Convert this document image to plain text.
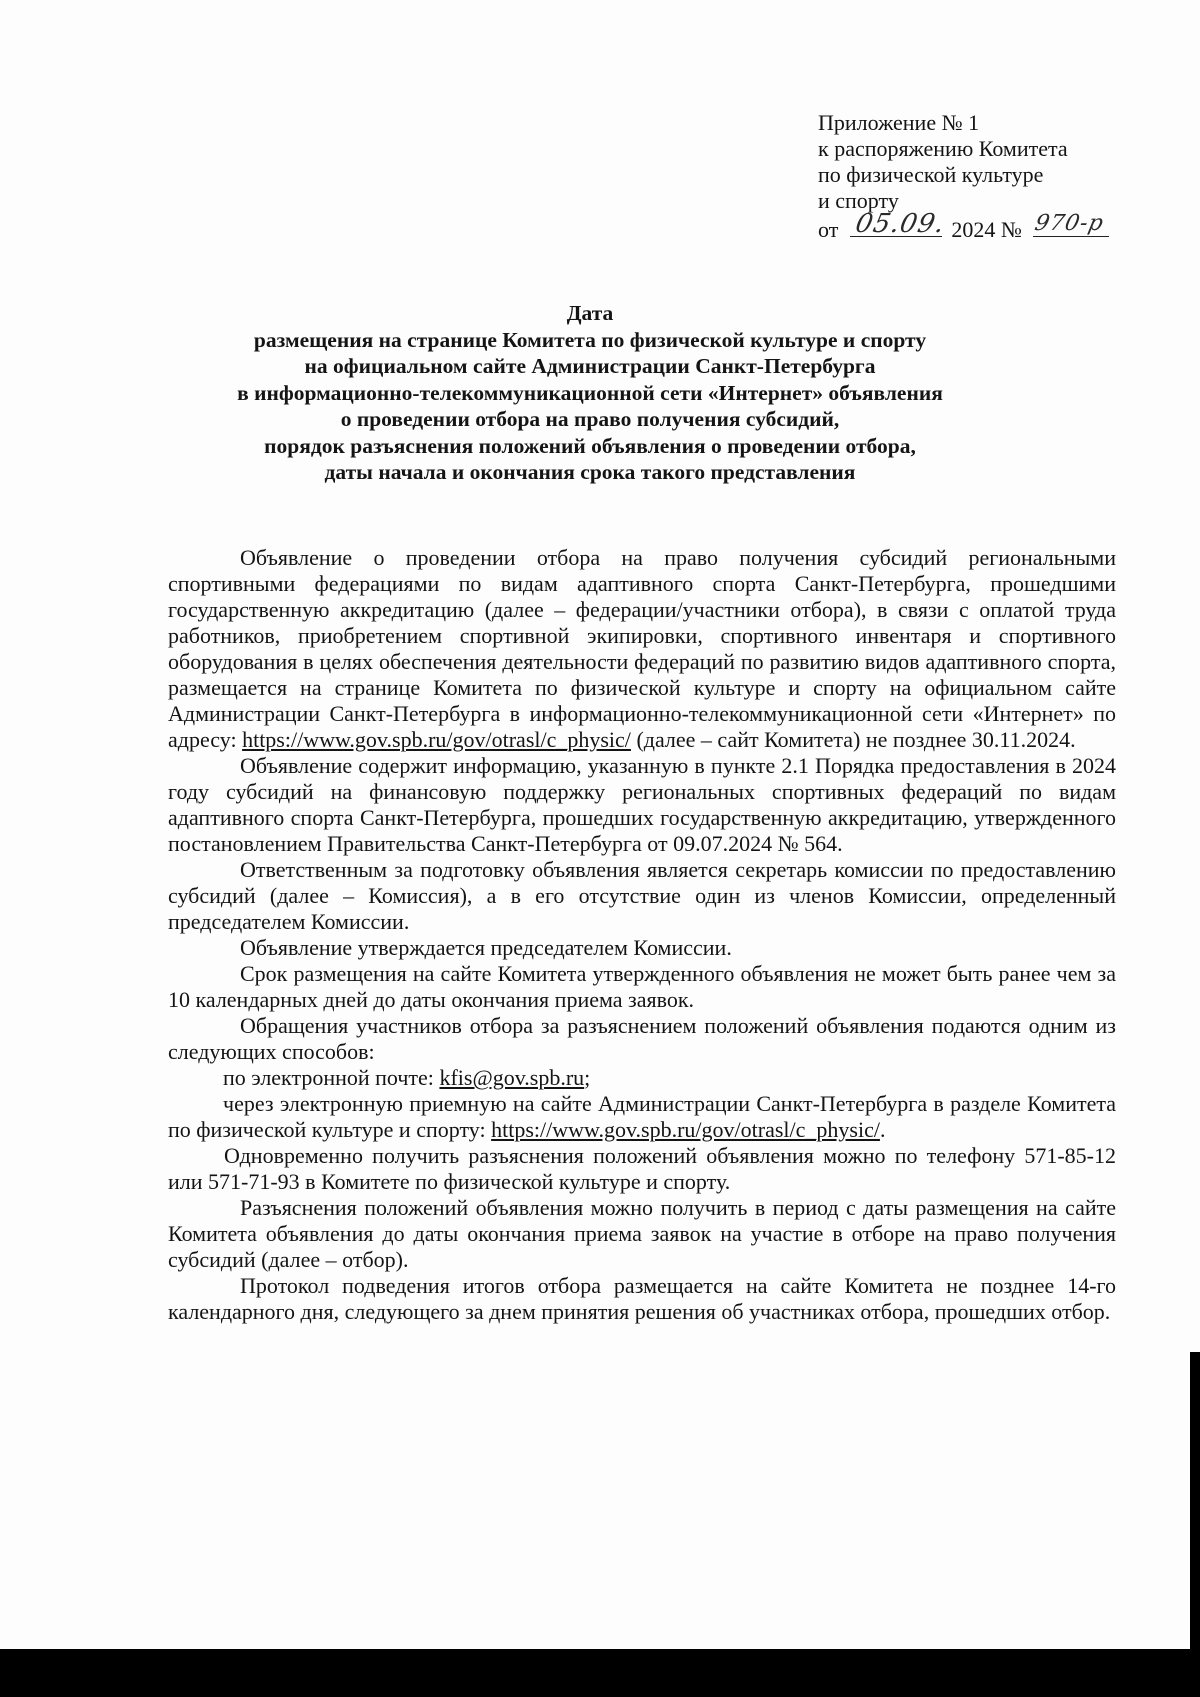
Приложение № 1
к распоряжению Комитета
по физической культуре
и спорту
от 05.09. 2024 № 970-р
Дата
размещения на странице Комитета по физической культуре и спорту
на официальном сайте Администрации Санкт-Петербурга
в информационно-телекоммуникационной сети «Интернет» объявления
о проведении отбора на право получения субсидий,
порядок разъяснения положений объявления о проведении отбора,
даты начала и окончания срока такого представления

Объявление о проведении отбора на право получения субсидий региональными спортивными федерациями по видам адаптивного спорта Санкт-Петербурга, прошедшими государственную аккредитацию (далее – федерации/участники отбора), в связи с оплатой труда работников, приобретением спортивной экипировки, спортивного инвентаря и спортивного оборудования в целях обеспечения деятельности федераций по развитию видов адаптивного спорта, размещается на странице Комитета по физической культуре и спорту на официальном сайте Администрации Санкт-Петербурга в информационно-телекоммуникационной сети «Интернет» по адресу: https://www.gov.spb.ru/gov/otrasl/c_physic/ (далее – сайт Комитета) не позднее 30.11.2024.

Объявление содержит информацию, указанную в пункте 2.1 Порядка предоставления в 2024 году субсидий на финансовую поддержку региональных спортивных федераций по видам адаптивного спорта Санкт-Петербурга, прошедших государственную аккредитацию, утвержденного постановлением Правительства Санкт-Петербурга от 09.07.2024 № 564.

Ответственным за подготовку объявления является секретарь комиссии по предоставлению субсидий (далее – Комиссия), а в его отсутствие один из членов Комиссии, определенный председателем Комиссии.

Объявление утверждается председателем Комиссии.

Срок размещения на сайте Комитета утвержденного объявления не может быть ранее чем за 10 календарных дней до даты окончания приема заявок.

Обращения участников отбора за разъяснением положений объявления подаются одним из следующих способов:

по электронной почте: kfis@gov.spb.ru;

через электронную приемную на сайте Администрации Санкт-Петербурга в разделе Комитета по физической культуре и спорту: https://www.gov.spb.ru/gov/otrasl/c_physic/.

Одновременно получить разъяснения положений объявления можно по телефону 571-85-12 или 571-71-93 в Комитете по физической культуре и спорту.

Разъяснения положений объявления можно получить в период с даты размещения на сайте Комитета объявления до даты окончания приема заявок на участие в отборе на право получения субсидий (далее – отбор).

Протокол подведения итогов отбора размещается на сайте Комитета не позднее 14-го календарного дня, следующего за днем принятия решения об участниках отбора, прошедших отбор.
